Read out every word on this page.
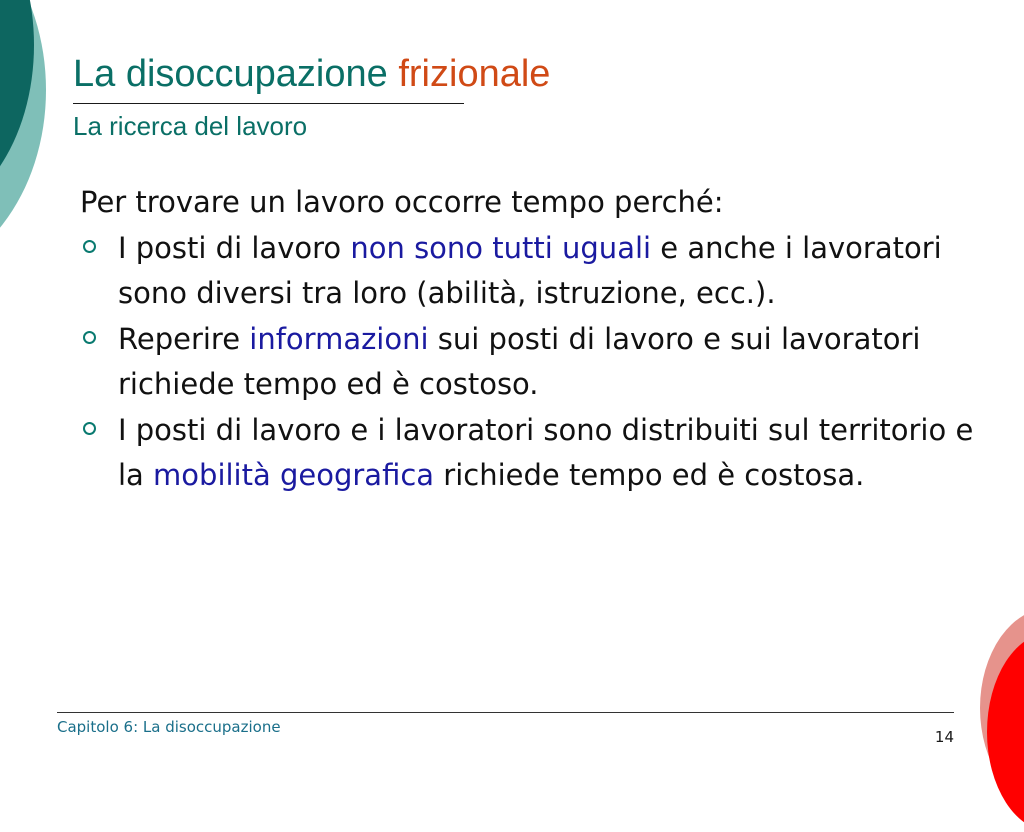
La disoccupazione frizionale
La ricerca del lavoro

Per trovare un lavoro occorre tempo perché:

I posti di lavoro non sono tutti uguali e anche i lavoratori sono diversi tra loro (abilità, istruzione, ecc.).
Reperire informazioni sui posti di lavoro e sui lavoratori richiede tempo ed è costoso.
I posti di lavoro e i lavoratori sono distribuiti sul territorio e la mobilità geografica richiede tempo ed è costosa.
Capitolo 6: La disoccupazione
14
